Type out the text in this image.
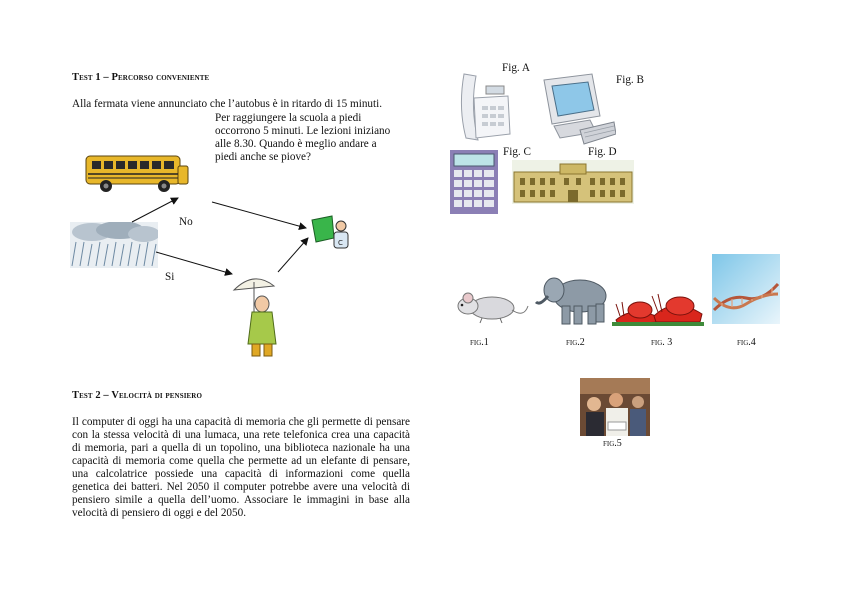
Test 1 – Percorso conveniente
Alla fermata viene annunciato che l’autobus è in ritardo di 15 minuti.
Per raggiungere la scuola a piedi
occorrono 5 minuti. Le lezioni iniziano
alle 8.30. Quando è meglio andare a
piedi anche se piove?
No
Si
C
Test 2 – Velocità di pensiero
Il computer di oggi ha una capacità di memoria che gli permette di pensare con la stessa velocità di una lumaca, una rete telefonica crea una capacità di memoria, pari a quella di un topolino, una biblioteca nazionale ha una capacità di memoria come quella che permette ad un elefante di pensare, una calcolatrice possiede una capacità di informazioni come quella genetica dei batteri. Nel 2050 il computer potrebbe avere una velocità di pensiero simile a quella dell’uomo. Associare le immagini in base alla velocità di pensiero di oggi e del 2050.
Fig. A
Fig. B
Fig. C	Fig. D
fig.1	fig.2	fig. 3	fig.4
fig.5
